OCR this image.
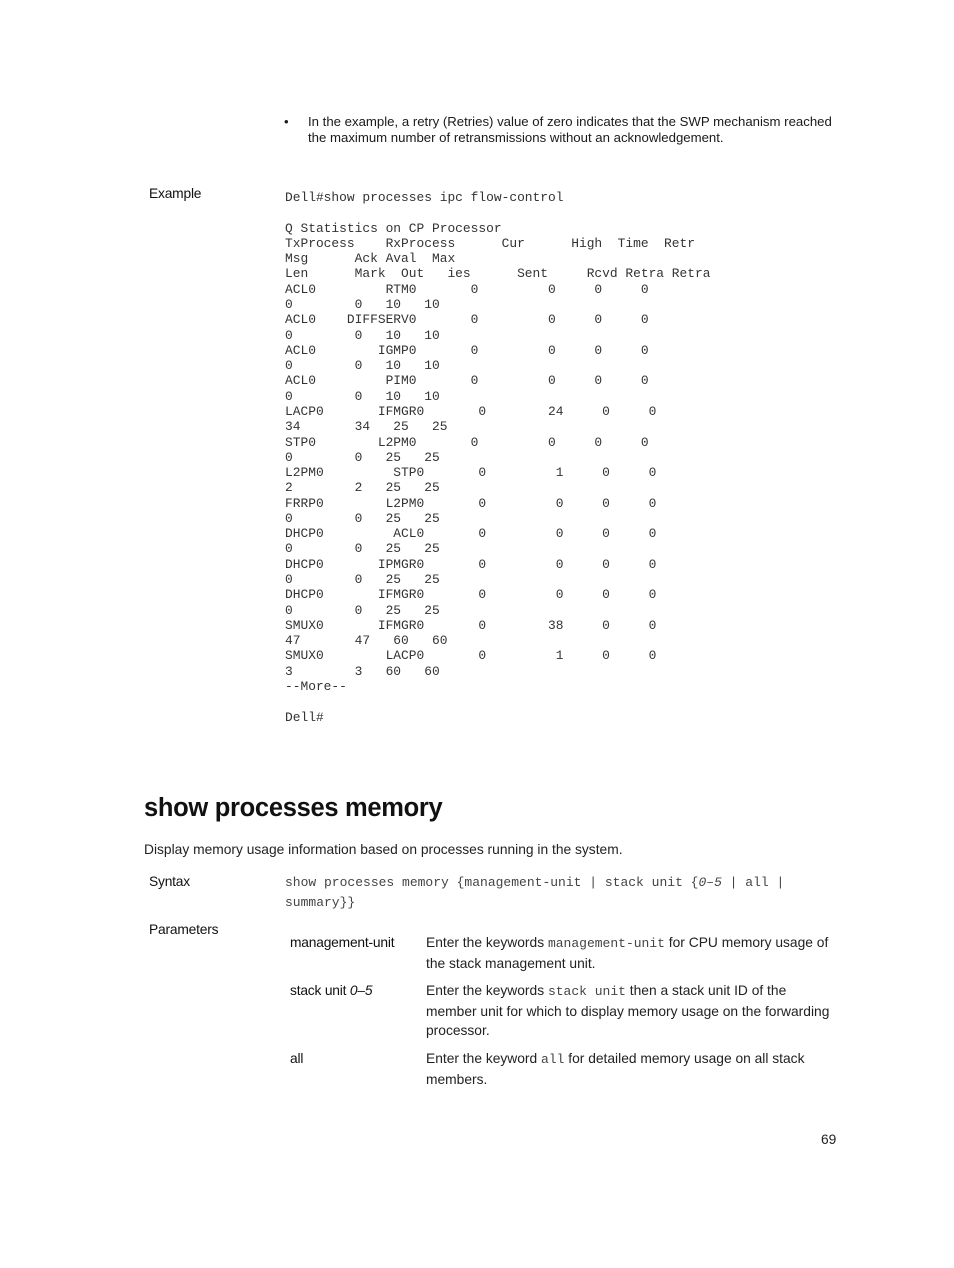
• In the example, a retry (Retries) value of zero indicates that the SWP mechanism reached the maximum number of retransmissions without an acknowledgement.
Example	Dell#show processes ipc flow-control

Q Statistics on CP Processor
TxProcess    RxProcess      Cur      High  Time  Retr
Msg      Ack Aval  Max
Len      Mark  Out   ies      Sent     Rcvd Retra Retra
ACL0         RTM0       0         0     0     0
0        0   10   10
ACL0    DIFFSERV0       0         0     0     0
0        0   10   10
ACL0        IGMP0       0         0     0     0
0        0   10   10
ACL0         PIM0       0         0     0     0
0        0   10   10
LACP0       IFMGR0       0        24     0     0
34       34   25   25
STP0        L2PM0       0         0     0     0
0        0   25   25
L2PM0         STP0       0         1     0     0
2        2   25   25
FRRP0        L2PM0       0         0     0     0
0        0   25   25
DHCP0         ACL0       0         0     0     0
0        0   25   25
DHCP0       IPMGR0       0         0     0     0
0        0   25   25
DHCP0       IFMGR0       0         0     0     0
0        0   25   25
SMUX0       IFMGR0       0        38     0     0
47       47   60   60
SMUX0        LACP0       0         1     0     0
3        3   60   60
--More--

Dell#

show processes memory
Display memory usage information based on processes running in the system.
Syntax	show processes memory {management-unit | stack unit {0–5 | all | summary}}
Parameters
management-unit	Enter the keywords management-unit for CPU memory usage of the stack management unit.
stack unit 0–5	Enter the keywords stack unit then a stack unit ID of the member unit for which to display memory usage on the forwarding processor.
all	Enter the keyword all for detailed memory usage on all stack members.
69
